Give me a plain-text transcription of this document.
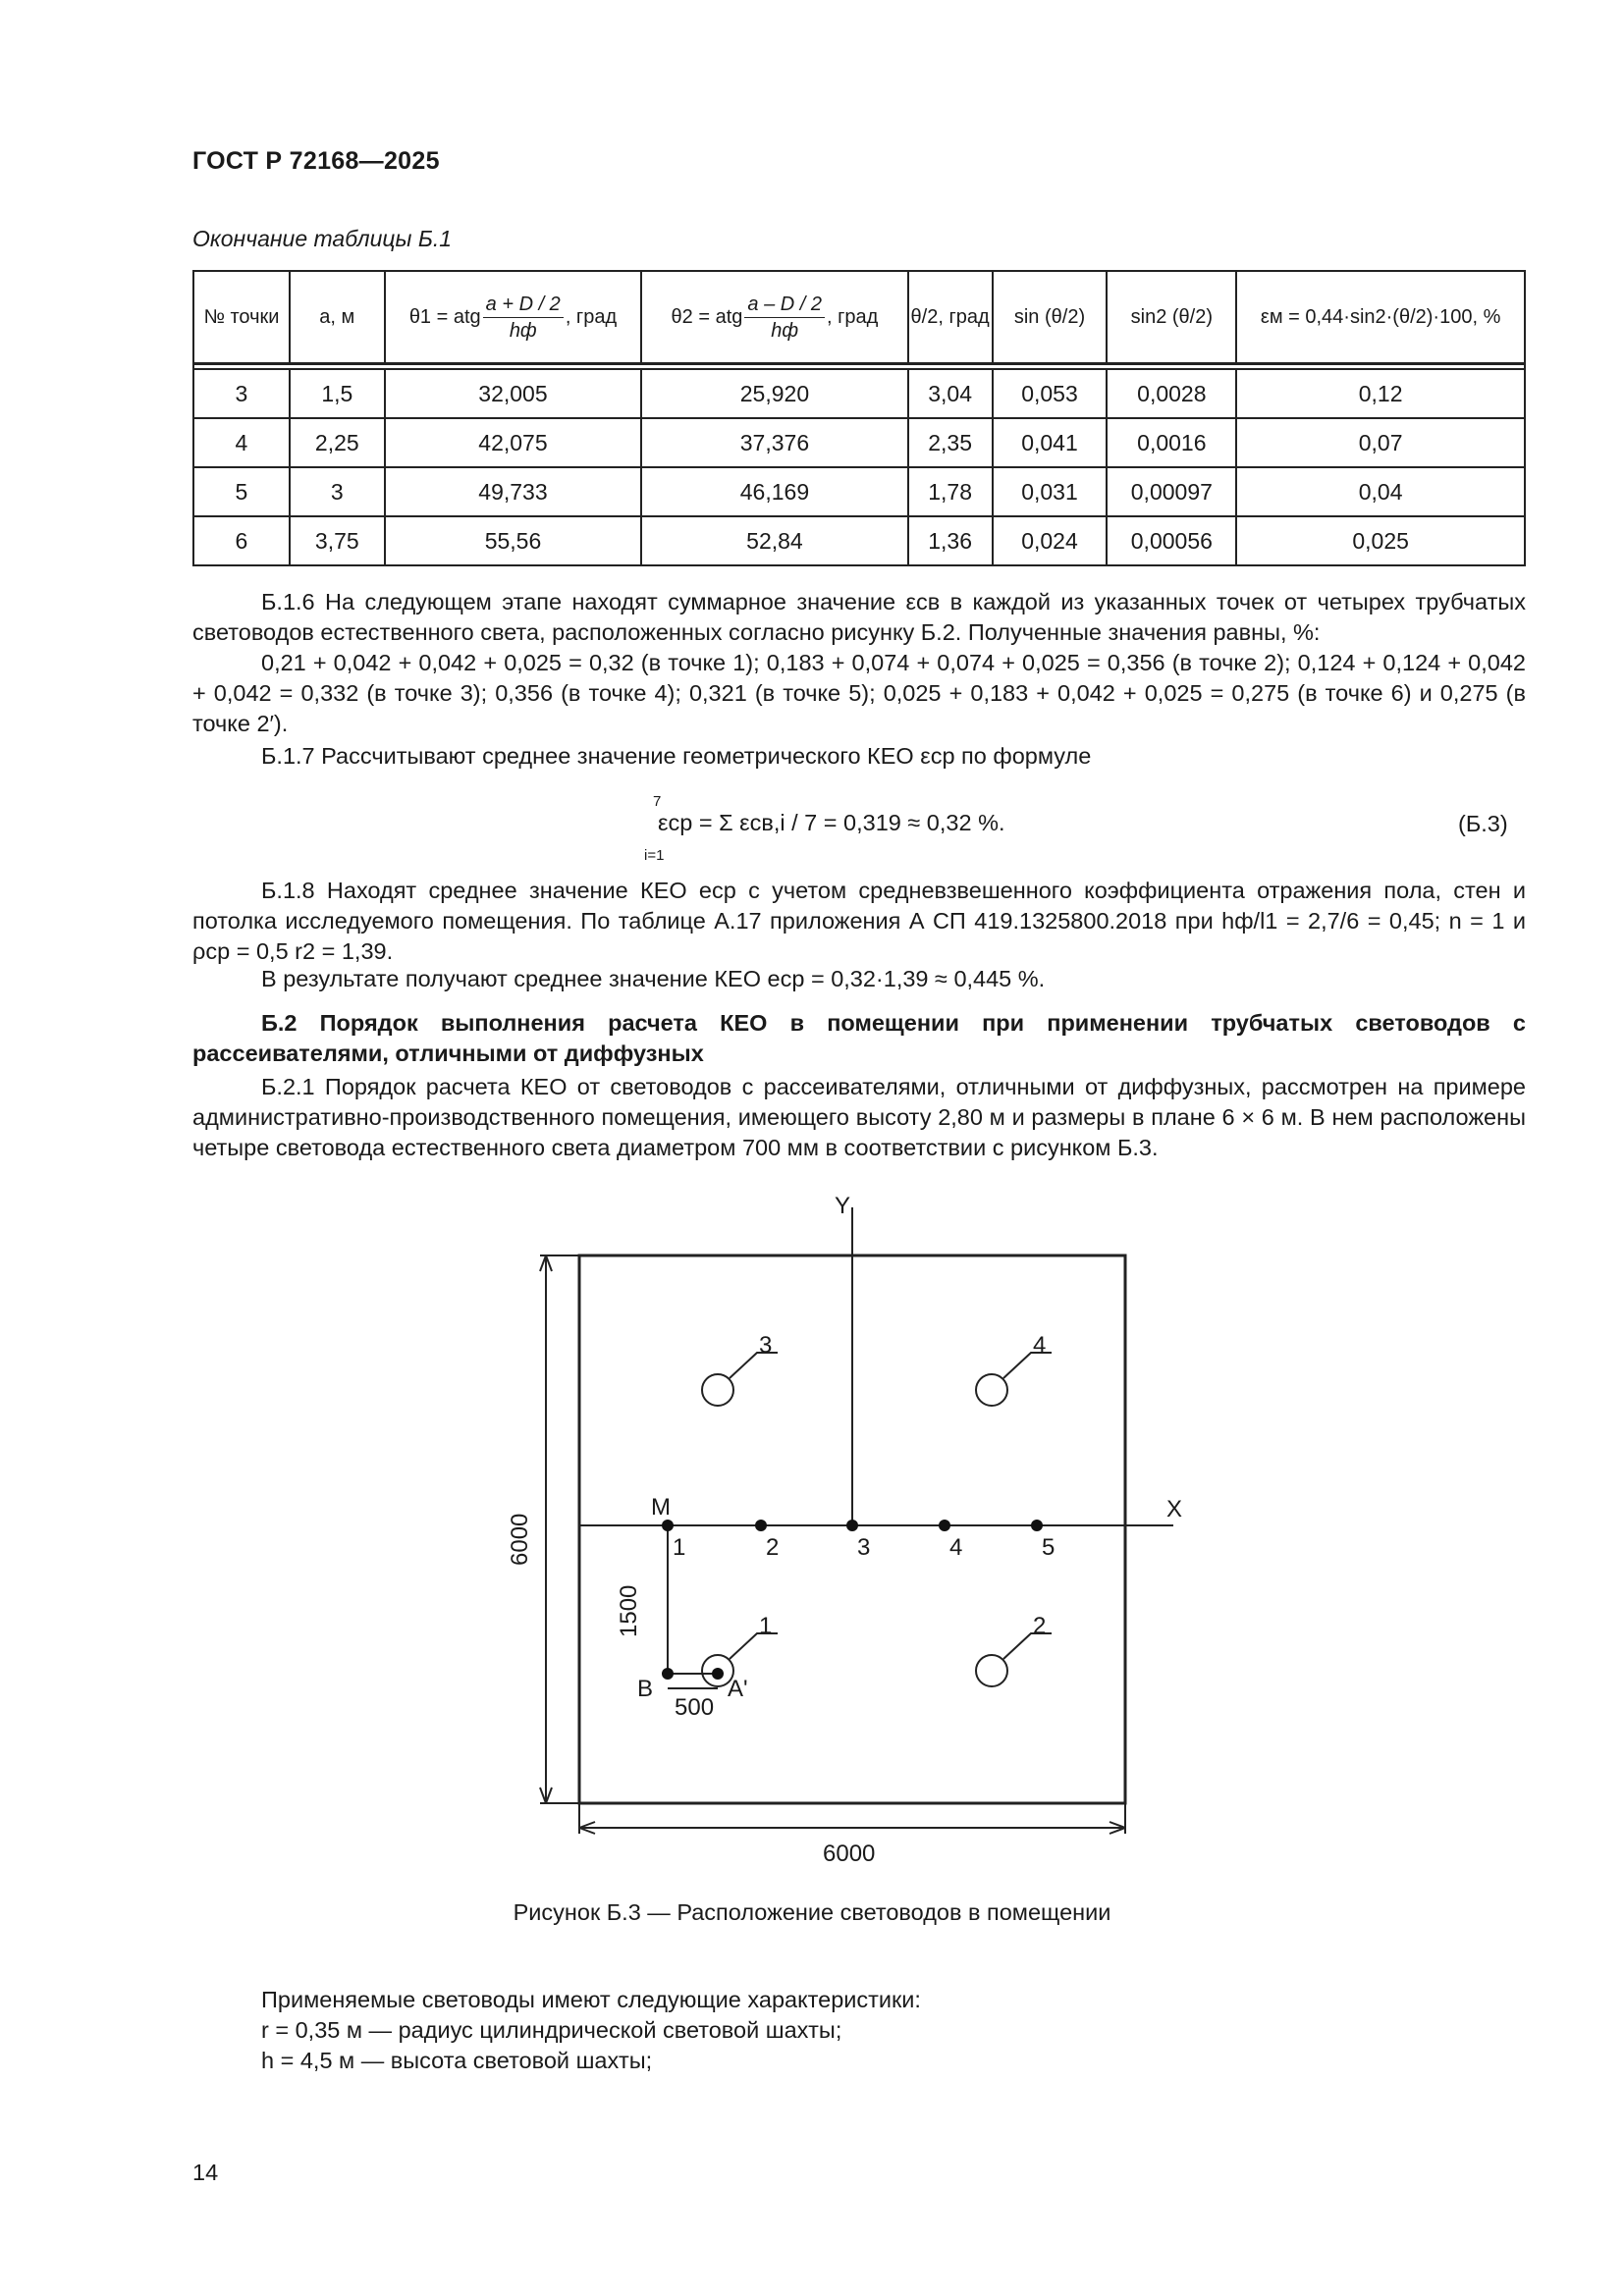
ГОСТ Р 72168—2025
Окончание таблицы Б.1
№ точки	а, м	θ1 = atg $\frac{a + D / 2}{hф}$ , град	θ2 = atg $\frac{a - D / 2}{hф}$ , град	θ/2, град	sin (θ/2)	sin2 (θ/2)	εм = 0,44·sin2·(θ/2)·100, %

3	1,5	32,005	25,920	3,04	0,053	0,0028	0,12
4	2,25	42,075	37,376	2,35	0,041	0,0016	0,07
5	3	49,733	46,169	1,78	0,031	0,00097	0,04
6	3,75	55,56	52,84	1,36	0,024	0,00056	0,025
Б.1.6 На следующем этапе находят суммарное значение εсв в каждой из указанных точек от четырех трубчатых световодов естественного света, расположенных согласно рисунку Б.2. Полученные значения равны, %:
0,21 + 0,042 + 0,042 + 0,025 = 0,32 (в точке 1); 0,183 + 0,074 + 0,074 + 0,025 = 0,356 (в точке 2); 0,124 + 0,124 + 0,042 + 0,042 = 0,332 (в точке 3); 0,356 (в точке 4); 0,321 (в точке 5); 0,025 + 0,183 + 0,042 + 0,025 = 0,275 (в точке 6) и 0,275 (в точке 2′).
Б.1.7 Рассчитывают среднее значение геометрического КЕО εср по формуле
7
εср = Σ εсв,i / 7 = 0,319 ≈ 0,32 %.
i=1
(Б.3)
Б.1.8 Находят среднее значение КЕО eср с учетом средневзвешенного коэффициента отражения пола, стен и потолка исследуемого помещения. По таблице А.17 приложения А СП 419.1325800.2018 при hф/l1 = 2,7/6 = 0,45; n = 1 и ρср = 0,5 r2 = 1,39.
В результате получают среднее значение КЕО eср = 0,32·1,39 ≈ 0,445 %.
Б.2 Порядок выполнения расчета КЕО в помещении при применении трубчатых световодов с рассеивателями, отличными от диффузных
Б.2.1 Порядок расчета КЕО от световодов с рассеивателями, отличными от диффузных, рассмотрен на примере административно-производственного помещения, имеющего высоту 2,80 м и размеры в плане 6 × 6 м. В нем расположены четыре световода естественного света диаметром 700 мм в соответствии с рисунком Б.3.
Y
X
6000
6000
1500
500
M
B	A'
1	2	3	4	5
1	2
3	4
Рисунок Б.3 — Расположение световодов в помещении
Применяемые световоды имеют следующие характеристики:
r = 0,35 м — радиус цилиндрической световой шахты;
h = 4,5 м — высота световой шахты;
14
